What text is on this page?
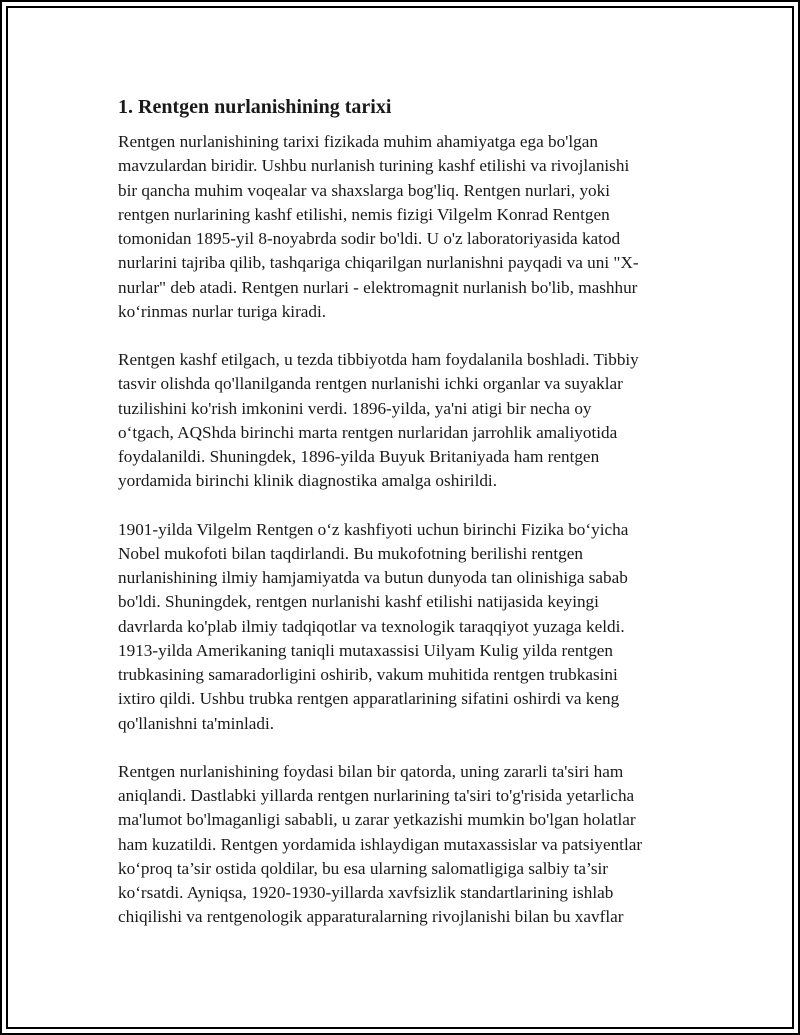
1. Rentgen nurlanishining tarixi

Rentgen nurlanishining tarixi fizikada muhim ahamiyatga ega bo'lgan
mavzulardan biridir. Ushbu nurlanish turining kashf etilishi va rivojlanishi
bir qancha muhim voqealar va shaxslarga bog'liq. Rentgen nurlari, yoki
rentgen nurlarining kashf etilishi, nemis fizigi Vilgelm Konrad Rentgen
tomonidan 1895-yil 8-noyabrda sodir bo'ldi. U o'z laboratoriyasida katod
nurlarini tajriba qilib, tashqariga chiqarilgan nurlanishni payqadi va uni "X-
nurlar" deb atadi. Rentgen nurlari - elektromagnit nurlanish bo'lib, mashhur
ko‘rinmas nurlar turiga kiradi.

Rentgen kashf etilgach, u tezda tibbiyotda ham foydalanila boshladi. Tibbiy
tasvir olishda qo'llanilganda rentgen nurlanishi ichki organlar va suyaklar
tuzilishini ko'rish imkonini verdi. 1896-yilda, ya'ni atigi bir necha oy
o‘tgach, AQShda birinchi marta rentgen nurlaridan jarrohlik amaliyotida
foydalanildi. Shuningdek, 1896-yilda Buyuk Britaniyada ham rentgen
yordamida birinchi klinik diagnostika amalga oshirildi.

1901-yilda Vilgelm Rentgen o‘z kashfiyoti uchun birinchi Fizika bo‘yicha
Nobel mukofoti bilan taqdirlandi. Bu mukofotning berilishi rentgen
nurlanishining ilmiy hamjamiyatda va butun dunyoda tan olinishiga sabab
bo'ldi. Shuningdek, rentgen nurlanishi kashf etilishi natijasida keyingi
davrlarda ko'plab ilmiy tadqiqotlar va texnologik taraqqiyot yuzaga keldi.
1913-yilda Amerikaning taniqli mutaxassisi Uilyam Kulig yilda rentgen
trubkasining samaradorligini oshirib, vakum muhitida rentgen trubkasini
ixtiro qildi. Ushbu trubka rentgen apparatlarining sifatini oshirdi va keng
qo'llanishni ta'minladi.

Rentgen nurlanishining foydasi bilan bir qatorda, uning zararli ta'siri ham
aniqlandi. Dastlabki yillarda rentgen nurlarining ta'siri to'g'risida yetarlicha
ma'lumot bo'lmaganligi sababli, u zarar yetkazishi mumkin bo'lgan holatlar
ham kuzatildi. Rentgen yordamida ishlaydigan mutaxassislar va patsiyentlar
ko‘proq ta’sir ostida qoldilar, bu esa ularning salomatligiga salbiy ta’sir
ko‘rsatdi. Ayniqsa, 1920-1930-yillarda xavfsizlik standartlarining ishlab
chiqilishi va rentgenologik apparaturalarning rivojlanishi bilan bu xavflar
